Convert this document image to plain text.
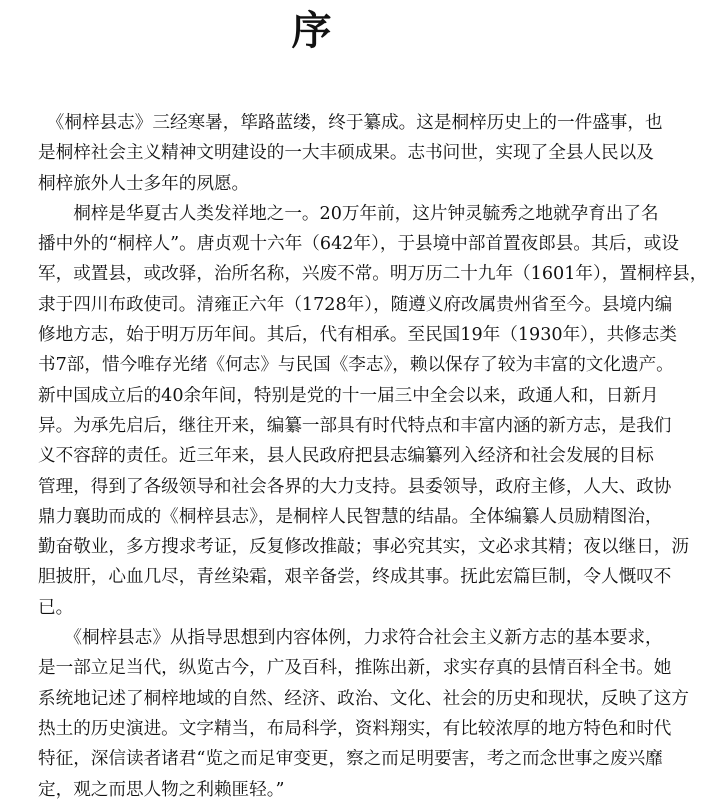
序
　《桐梓县志》三经寒暑，筚路蓝缕，终于纂成。这是桐梓历史上的一件盛事，也
是桐梓社会主义精神文明建设的一大丰硕成果。志书问世，实现了全县人民以及
桐梓旅外人士多年的夙愿。
　　桐梓是华夏古人类发祥地之一。20万年前，这片钟灵毓秀之地就孕育出了名
播中外的“桐梓人”。唐贞观十六年（642年），于县境中部首置夜郎县。其后，或设
军，或置县，或改驿，治所名称，兴废不常。明万历二十九年（1601年），置桐梓县，
隶于四川布政使司。清雍正六年（1728年），随遵义府改属贵州省至今。县境内编
修地方志，始于明万历年间。其后，代有相承。至民国19年（1930年），共修志类
书7部，惜今唯存光绪《何志》与民国《李志》，赖以保存了较为丰富的文化遗产。
新中国成立后的40余年间，特别是党的十一届三中全会以来，政通人和，日新月
异。为承先启后，继往开来，编纂一部具有时代特点和丰富内涵的新方志，是我们
义不容辞的责任。近三年来，县人民政府把县志编纂列入经济和社会发展的目标
管理，得到了各级领导和社会各界的大力支持。县委领导，政府主修，人大、政协
鼎力襄助而成的《桐梓县志》，是桐梓人民智慧的结晶。全体编纂人员励精图治，
勤奋敬业，多方搜求考证，反复修改推敲；事必究其实，文必求其精；夜以继日，沥
胆披肝，心血几尽，青丝染霜，艰辛备尝，终成其事。抚此宏篇巨制，令人慨叹不
已。
　　《桐梓县志》从指导思想到内容体例，力求符合社会主义新方志的基本要求，
是一部立足当代，纵览古今，广及百科，推陈出新，求实存真的县情百科全书。她
系统地记述了桐梓地域的自然、经济、政治、文化、社会的历史和现状，反映了这方
热土的历史演进。文字精当，布局科学，资料翔实，有比较浓厚的地方特色和时代
特征，深信读者诸君“览之而足审变更，察之而足明要害，考之而念世事之废兴靡
定，观之而思人物之利赖匪轻。”
